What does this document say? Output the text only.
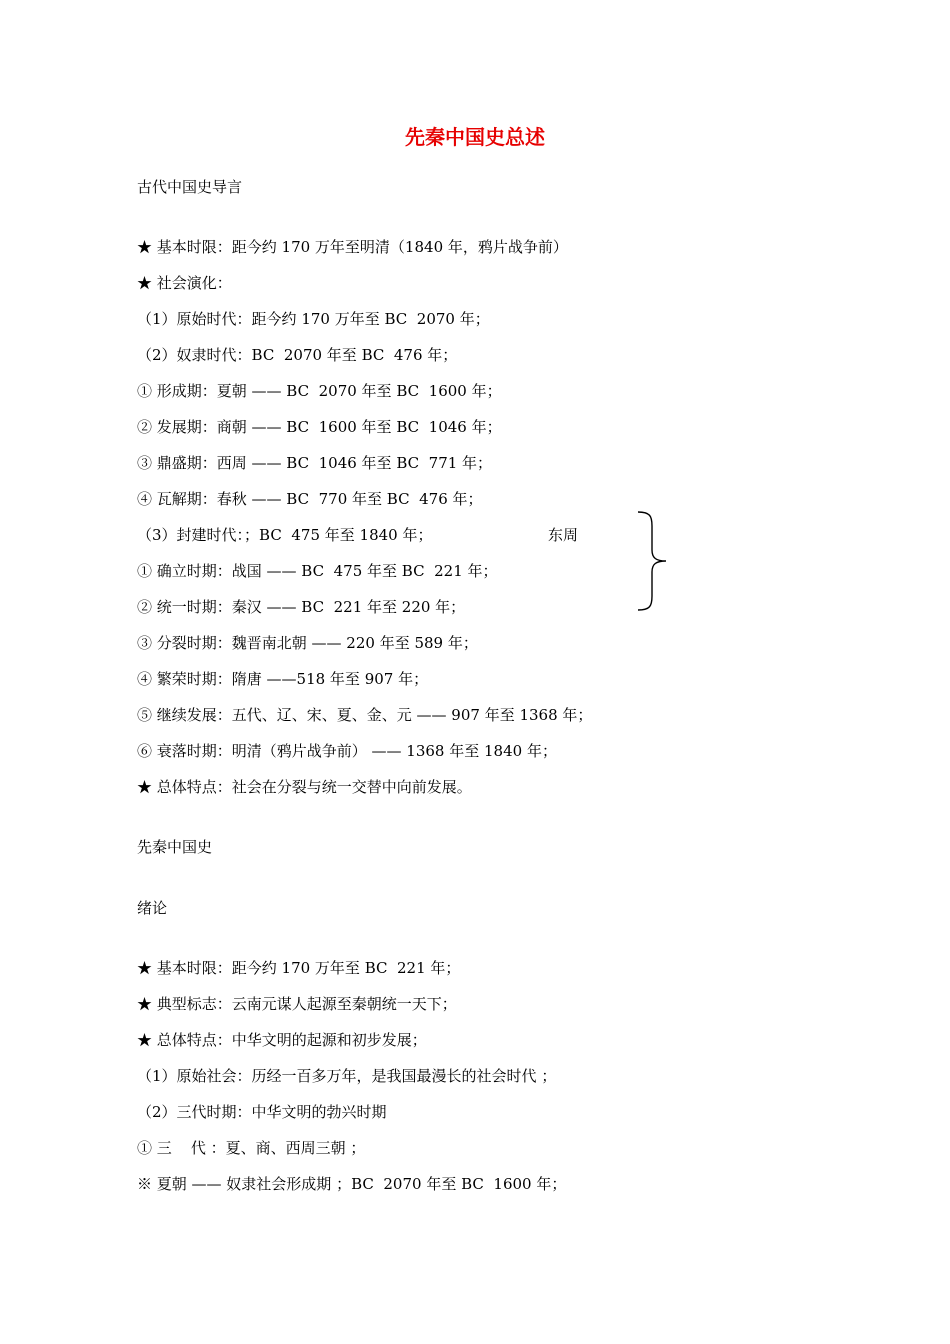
先秦中国史总述
古代中国史导言
★ 基本时限：距今约 170 万年至明清（1840 年，鸦片战争前）
★ 社会演化：
（1）原始时代：距今约 170 万年至 BC  2070 年；
（2）奴隶时代：BC  2070 年至 BC  476 年；
① 形成期：夏朝 —— BC  2070 年至 BC  1600 年；
② 发展期：商朝 —— BC  1600 年至 BC  1046 年；
③ 鼎盛期：西周 —— BC  1046 年至 BC  771 年；
④ 瓦解期：春秋 —— BC  770 年至 BC  476 年；
（3）封建时代：；BC  475 年至 1840 年；
① 确立时期：战国 —— BC  475 年至 BC  221 年；
② 统一时期：秦汉 —— BC  221 年至 220 年；
③ 分裂时期：魏晋南北朝 —— 220 年至 589 年；
④ 繁荣时期：隋唐 ——518 年至 907 年；
⑤ 继续发展：五代、辽、宋、夏、金、元 —— 907 年至 1368 年；
⑥ 衰落时期：明清（鸦片战争前） —— 1368 年至 1840 年；
★ 总体特点：社会在分裂与统一交替中向前发展。
先秦中国史
绪论
★ 基本时限：距今约 170 万年至 BC  221 年；
★ 典型标志：云南元谋人起源至秦朝统一天下；
★ 总体特点：中华文明的起源和初步发展；
（1）原始社会：历经一百多万年，是我国最漫长的社会时代 ；
（2）三代时期：中华文明的勃兴时期
① 三    代 ：夏、商、西周三朝 ；
※ 夏朝 —— 奴隶社会形成期 ；BC  2070 年至 BC  1600 年；
东周
